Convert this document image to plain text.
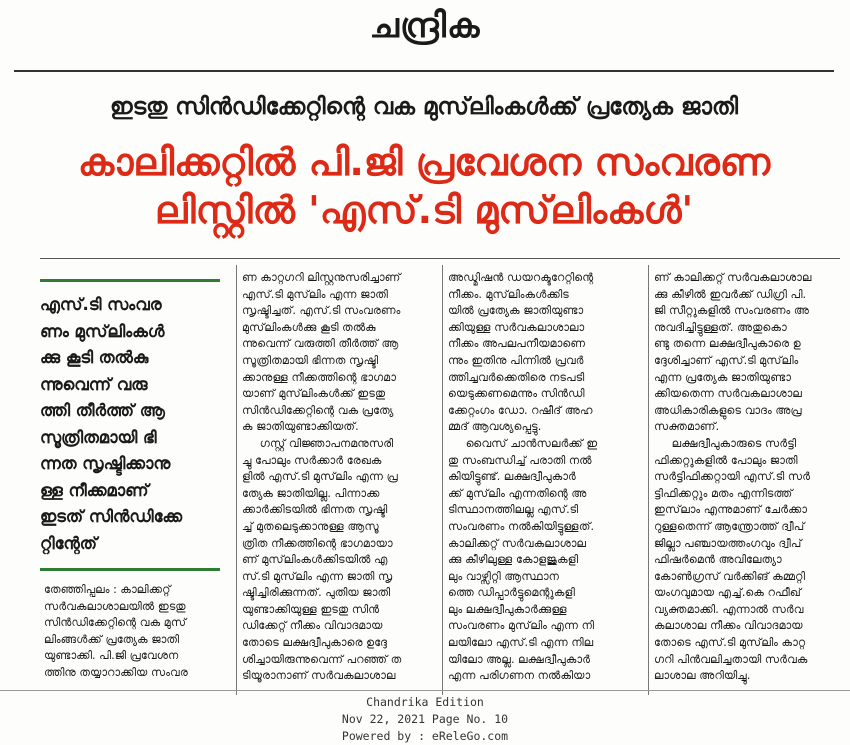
ചന്ദ്രിക
ഇടതു സിൻഡിക്കേറ്റിന്റെ വക മുസ്‌ലിംകൾക്ക് പ്രത്യേക ജാതി
കാലിക്കറ്റിൽ പി.ജി പ്രവേശന സംവരണ
ലിസ്റ്റിൽ 'എസ്.ടി മുസ്‌ലിംകൾ'
എസ്.ടി സംവര
ണം മുസ്‌ലിംകൾ
ക്കു കൂടി തൽകു
ന്നുവെന്ന് വരു
ത്തി തീർത്ത് ആ
സൂത്രിതമായി ഭി
ന്നത സൃഷ്ടിക്കാനു
ള്ള നീക്കമാണ്
ഇടത് സിൻഡിക്കേ
റ്റിന്റേത്
തേഞ്ഞിപ്പലം : കാലിക്കറ്റ്
സർവകലാശാലയിൽ ഇടതു
സിൻഡിക്കേറ്റിന്റെ വക മുസ്
ലിംങ്ങൾക്ക് പ്രത്യേക ജാതി
യുണ്ടാക്കി. പി.ജി പ്രവേശന
ത്തിനു തയ്യാറാക്കിയ സംവര
ണ കാറ്റഗറി ലിസ്റ്റനുസരിച്ചാണ്
എസ്.ടി മുസ്‌ലിം എന്ന ജാതി
സൃഷ്ടിച്ചത്. എസ്.ടി സംവരണം
മുസ്‌ലിംകൾക്കു കൂടി തൽകു
ന്നുവെന്ന് വരുത്തി തീർത്ത് ആ
സൂത്രിതമായി ഭിന്നത സൃഷ്ടി
ക്കാനുള്ള നീക്കത്തിന്റെ ഭാഗമാ
യാണ് മുസ്‌ലിംകൾക്ക് ഇടതു
സിൻഡിക്കേറ്റിന്റെ വക പ്രത്യേ
ക ജാതിയുണ്ടാക്കിയത്.
ഗസ്റ്റ് വിജ്ഞാപനമനുസരി
ച്ചു പോലും സർക്കാർ രേഖക
ളിൽ എസ്.ടി മുസ്‌ലിം എന്ന പ്ര
ത്യേക ജാതിയില്ല. പിന്നാക്ക
ക്കാർക്കിടയിൽ ഭിന്നത സൃഷ്ടി
ച്ച് മുതലെടുക്കാനുള്ള ആസൂ
ത്രിത നീക്കത്തിന്റെ ഭാഗമായാ
ണ് മുസ്‌ലിംകൾക്കിടയിൽ എ
സ്.ടി മുസ്‌ലിം എന്ന ജാതി സൃ
ഷ്ടിച്ചിരിക്കുന്നത്. പുതിയ ജാതി
യുണ്ടാക്കിയുള്ള ഇടതു സിൻ
ഡിക്കേറ്റ് നീക്കം വിവാദമായ
തോടെ ലക്ഷദ്വീപുകാരെ ഉദ്ദേ
ശിച്ചായിരുന്നുവെന്ന് പറഞ്ഞ് ത
ടിയൂരാനാണ് സർവകലാശാല
അഡ്മിഷൻ ഡയറക്ടറേറ്റിന്റെ
നീക്കം. മുസ്‌ലിംകൾക്കിട
യിൽ പ്രത്യേക ജാതിയുണ്ടാ
ക്കിയുള്ള സർവകലാശാലാ
നീക്കം അപലപനീയമാണെ
ന്നും ഇതിനു പിന്നിൽ പ്രവർ
ത്തിച്ചവർക്കെതിരെ നടപടി
യെടുക്കണമെന്നും സിൻഡി
ക്കേറ്റംഗം ഡോ. റഷീദ് അഹ
മ്മദ് ആവശ്യപ്പെട്ടു.
വൈസ് ചാൻസലർക്ക് ഇ
തു സംബന്ധിച്ച് പരാതി നൽ
കിയിട്ടുണ്ട്. ലക്ഷദ്വീപുകാർ
ക്ക് മുസ്‌ലിം എന്നതിന്റെ അ
ടിസ്ഥാനത്തിലല്ല എസ്.ടി
സംവരണം നൽകിയിട്ടുള്ളത്.
കാലിക്കറ്റ് സർവകലാശാല
ക്കു കീഴിലുള്ള കോളജുകളി
ലും വാഴ്സിറ്റി ആസ്ഥാന
ത്തെ ഡിപ്പാർട്ടുമെന്റുകളി
ലും ലക്ഷദ്വീപുകാർക്കുള്ള
സംവരണം മുസ്‌ലിം എന്ന നി
ലയിലോ എസ്.ടി എന്ന നില
യിലോ അല്ല. ലക്ഷദ്വീപുകാർ
എന്ന പരിഗണന നൽകിയാ
ണ് കാലിക്കറ്റ് സർവകലാശാല
ക്കു കീഴിൽ ഇവർക്ക് ഡിഗ്രി പി.
ജി സീറ്റുകളിൽ സംവരണം അ
നുവദിച്ചിട്ടുള്ളത്. അതുകൊ
ണ്ടു തന്നെ ലക്ഷദ്വീപുകാരെ ഉ
ദ്ദേശിച്ചാണ് എസ്.ടി മുസ്‌ലിം
എന്ന പ്രത്യേക ജാതിയുണ്ടാ
ക്കിയതെന്ന സർവകലാശാല
അധികാരികളുടെ വാദം അപ്ര
സക്തമാണ്.
ലക്ഷദ്വീപുകാരുടെ സർട്ടി
ഫിക്കറ്റുകളിൽ പോലും ജാതി
സർട്ടിഫിക്കറ്റായി എസ്.ടി സർ
ട്ടിഫിക്കറ്റും മതം എന്നിടത്ത്
ഇസ്‌ലാം എന്നുമാണ് ചേർക്കാ
റുള്ളതെന്ന് ആന്ത്രോത്ത് ദ്വീപ്
ജില്ലാ പഞ്ചായത്തംഗവും ദ്വീപ്
ഫിഷർമെൻ അവിലേത്യാ
കോൺഗ്രസ് വർക്കിങ് കമ്മറ്റി
യംഗവുമായ എച്ച്.കെ റഫീഖ്
വ്യക്തമാക്കി. എന്നാൽ സർവ
കലാശാല നീക്കം വിവാദമായ
തോടെ എസ്.ടി മുസ്‌ലിം കാറ്റ
ഗറി പിൻവലിച്ചതായി സർവക
ലാശാല അറിയിച്ചു.
Chandrika Edition
Nov 22, 2021 Page No. 10
Powered by : eReleGo.com
